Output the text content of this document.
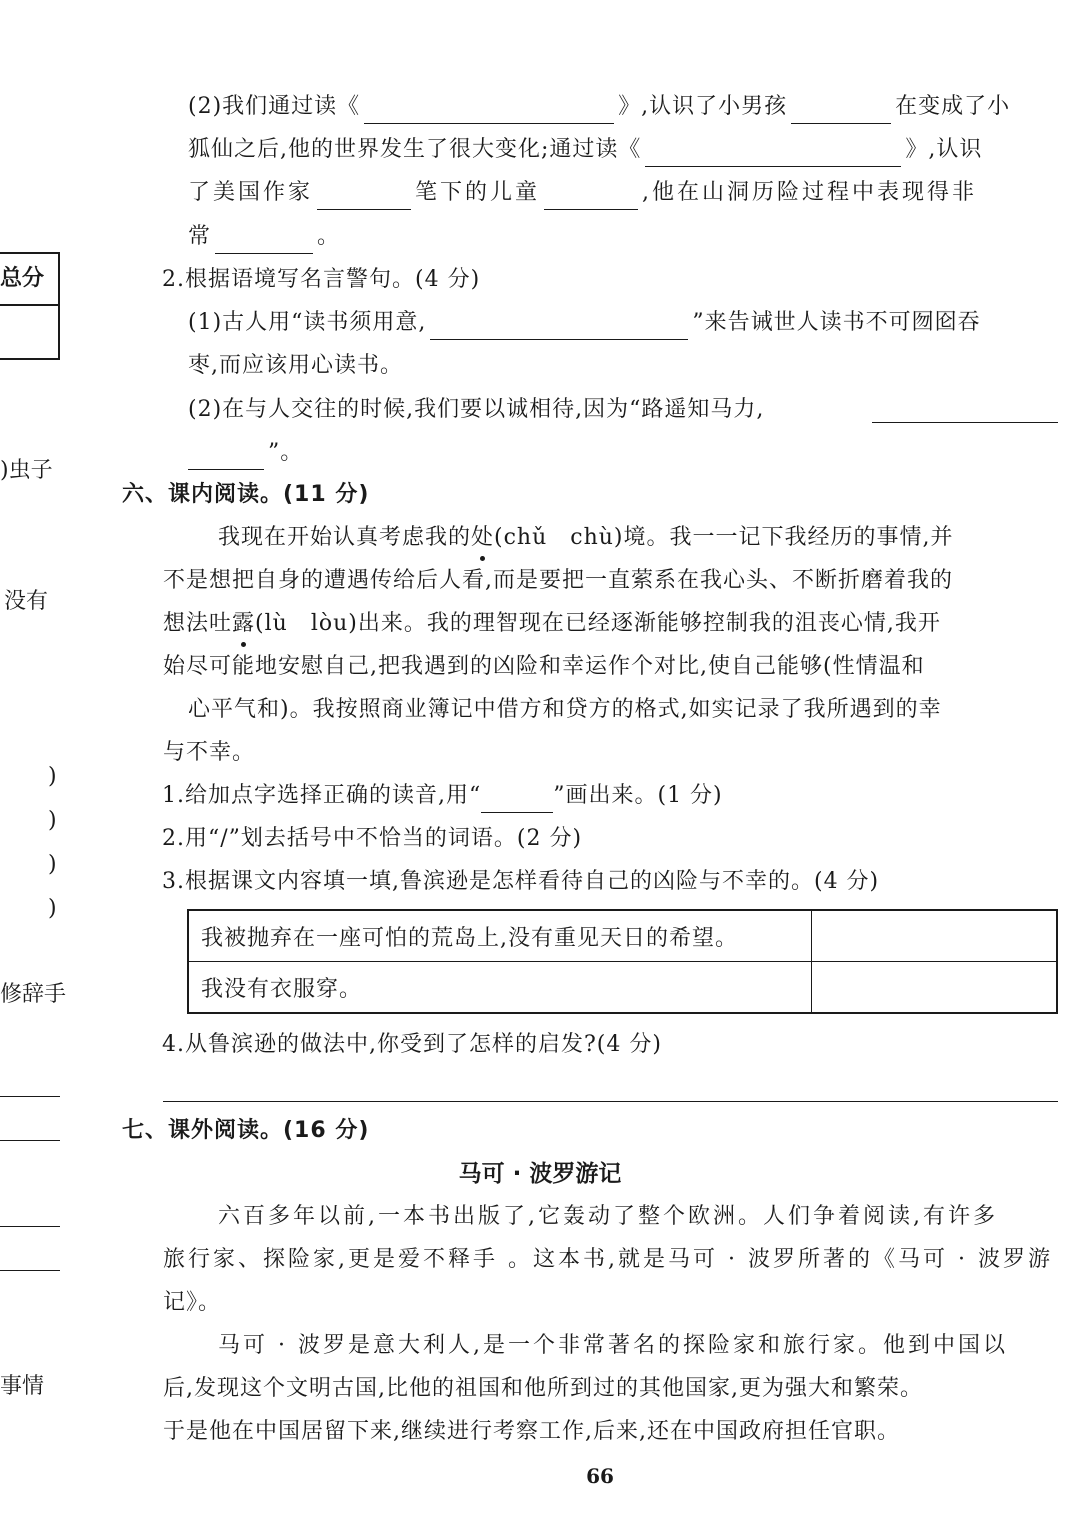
总分
)虫子
没有
)
)
)
)
修辞手
事情
(2)我们通过读《	》,认识了小男孩	在变成了小
狐仙之后,他的世界发生了很大变化;通过读《	》,认识
了美国作家	笔下的儿童	,他在山洞历险过程中表现得非
常	。
2.根据语境写名言警句。(4 分)
(1)古人用“读书须用意,	”来告诫世人读书不可囫囵吞
枣,而应该用心读书。
(2)在与人交往的时候,我们要以诚相待,因为“路遥知马力,
”。
六、课内阅读。(11 分)
我现在开始认真考虑我的处(chǔ　chù)境。我一一记下我经历的事情,并
不是想把自身的遭遇传给后人看,而是要把一直萦系在我心头、不断折磨着我的
想法吐露(lù　lòu)出来。我的理智现在已经逐渐能够控制我的沮丧心情,我开
始尽可能地安慰自己,把我遇到的凶险和幸运作个对比,使自己能够(性情温和
心平气和)。我按照商业簿记中借方和贷方的格式,如实记录了我所遇到的幸
与不幸。
1.给加点字选择正确的读音,用“	”画出来。(1 分)
2.用“/”划去括号中不恰当的词语。(2 分)
3.根据课文内容填一填,鲁滨逊是怎样看待自己的凶险与不幸的。(4 分)
我被抛弃在一座可怕的荒岛上,没有重见天日的希望。	
我没有衣服穿。	
4.从鲁滨逊的做法中,你受到了怎样的启发?(4 分)
七、课外阅读。(16 分)
马可 · 波罗游记
六百多年以前,一本书出版了,它轰动了整个欧洲。人们争着阅读,有许多
旅行家、探险家,更是爱不释手 。这本书,就是马可 · 波罗所著的《马可 · 波罗游
记》。
马可 · 波罗是意大利人,是一个非常著名的探险家和旅行家。他到中国以
后,发现这个文明古国,比他的祖国和他所到过的其他国家,更为强大和繁荣。
于是他在中国居留下来,继续进行考察工作,后来,还在中国政府担任官职。
66
